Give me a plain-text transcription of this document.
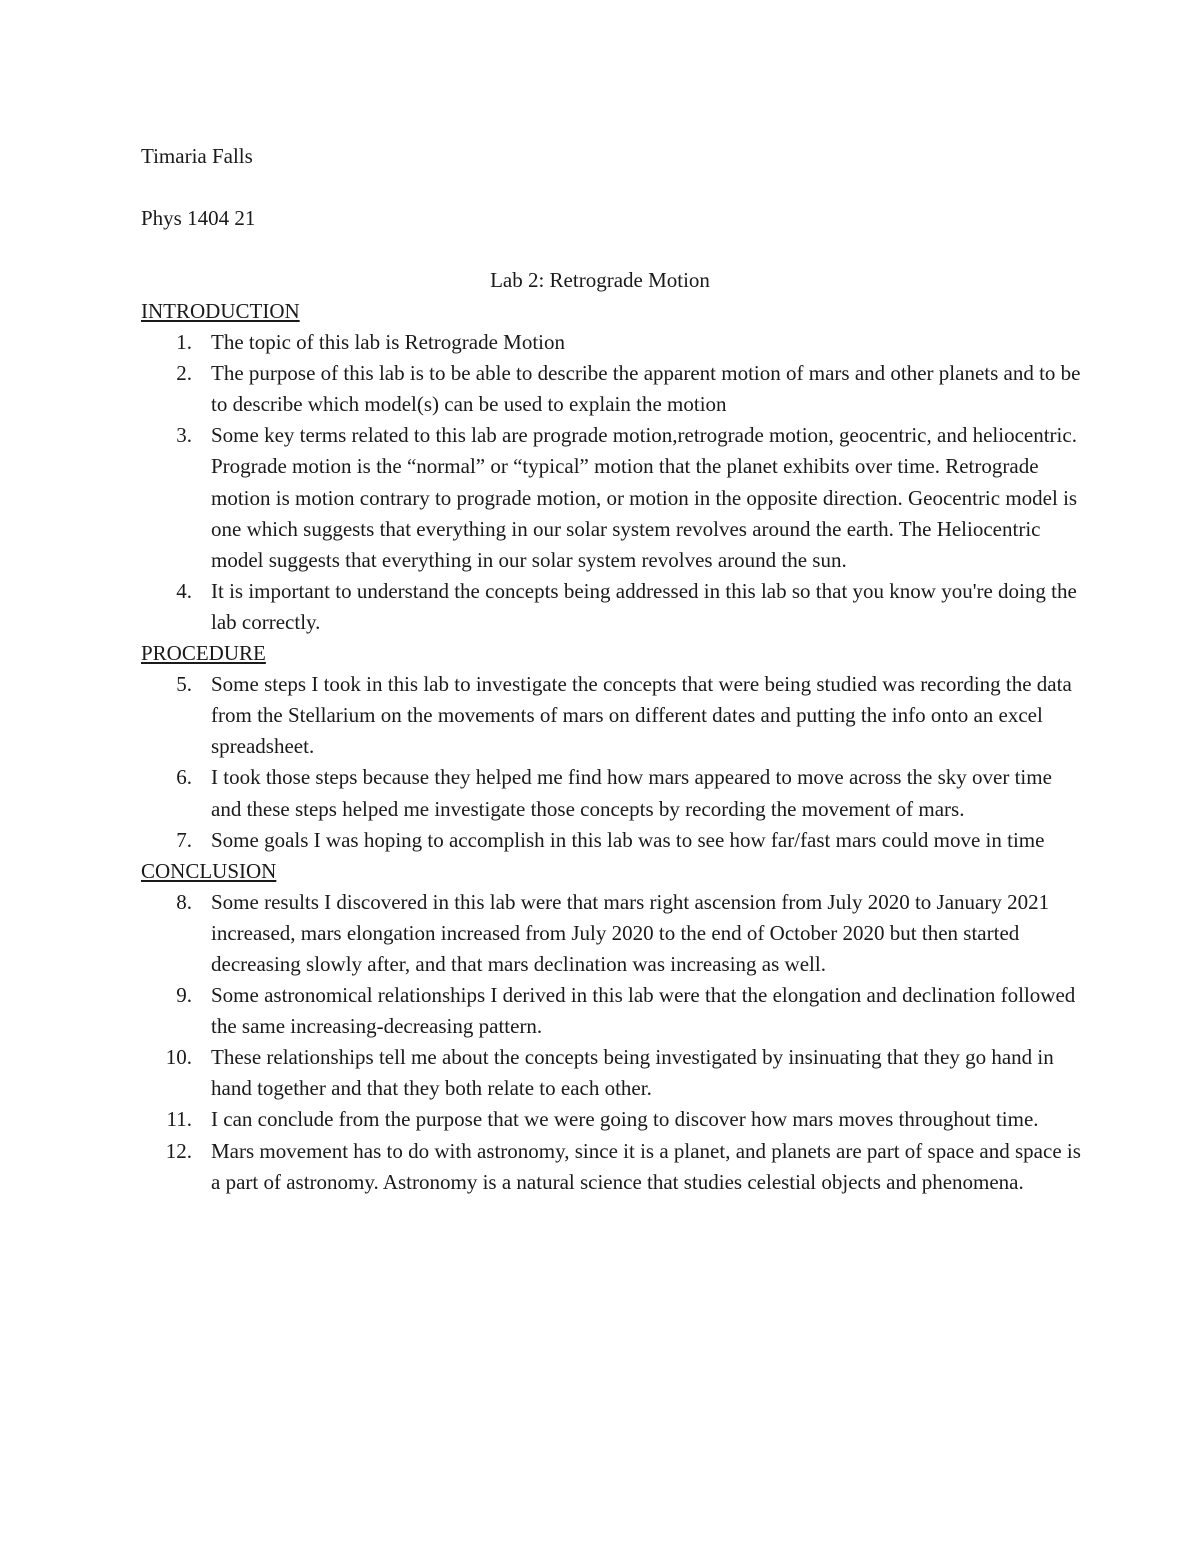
Timaria Falls
Phys 1404 21
Lab 2: Retrograde Motion
INTRODUCTION
1. The topic of this lab is Retrograde Motion
2. The purpose of this lab is to be able to describe the apparent motion of mars and other planets and to be to describe which model(s) can be used to explain the motion
3. Some key terms related to this lab are prograde motion,retrograde motion, geocentric, and heliocentric. Prograde motion is the “normal” or “typical” motion that the planet exhibits over time. Retrograde motion is motion contrary to prograde motion, or motion in the opposite direction. Geocentric model is one which suggests that everything in our solar system revolves around the earth. The Heliocentric model suggests that everything in our solar system revolves around the sun.
4. It is important to understand the concepts being addressed in this lab so that you know you're doing the lab correctly.
PROCEDURE
5. Some steps I took in this lab to investigate the concepts that were being studied was recording the data from the Stellarium on the movements of mars on different dates and putting the info onto an excel spreadsheet.
6. I took those steps because they helped me find how mars appeared to move across the sky over time and these steps helped me investigate those concepts by recording the movement of mars.
7. Some goals I was hoping to accomplish in this lab was to see how far/fast mars could move in time
CONCLUSION
8. Some results I discovered in this lab were that mars right ascension from July 2020 to January 2021 increased, mars elongation increased from July 2020 to the end of October 2020 but then started decreasing slowly after, and that mars declination was increasing as well.
9. Some astronomical relationships I derived in this lab were that the elongation and declination followed the same increasing-decreasing pattern.
10. These relationships tell me about the concepts being investigated by insinuating that they go hand in hand together and that they both relate to each other.
11. I can conclude from the purpose that we were going to discover how mars moves throughout time.
12. Mars movement has to do with astronomy, since it is a planet, and planets are part of space and space is a part of astronomy. Astronomy is a natural science that studies celestial objects and phenomena.
